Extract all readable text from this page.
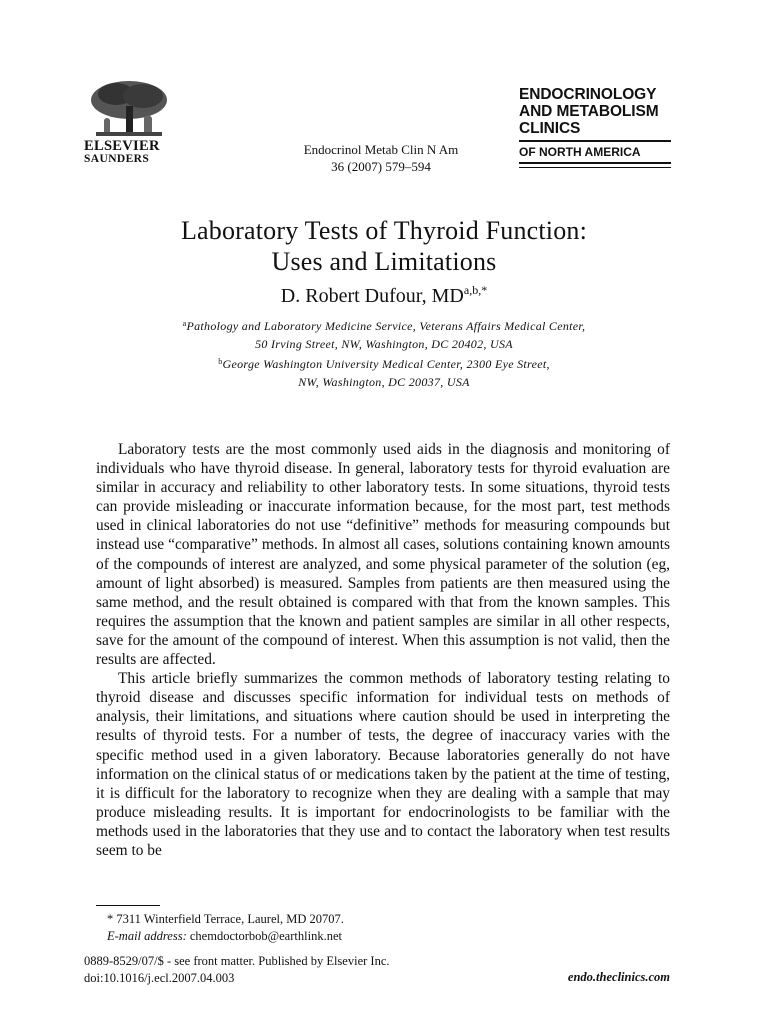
ELSEVIER
SAUNDERS
Endocrinol Metab Clin N Am
36 (2007) 579–594
ENDOCRINOLOGY
AND METABOLISM
CLINICS
OF NORTH AMERICA
Laboratory Tests of Thyroid Function:
Uses and Limitations
D. Robert Dufour, $MD^{a,b,*}$
$^a$Pathology and Laboratory Medicine Service, Veterans Affairs Medical Center,
50 Irving Street, NW, Washington, DC 20402, USA
$^b$George Washington University Medical Center, 2300 Eye Street,
NW, Washington, DC 20037, USA

Laboratory tests are the most commonly used aids in the diagnosis and monitoring of individuals who have thyroid disease. In general, laboratory tests for thyroid evaluation are similar in accuracy and reliability to other laboratory tests. In some situations, thyroid tests can provide misleading or inaccurate information because, for the most part, test methods used in clinical laboratories do not use “definitive” methods for measuring compounds but instead use “comparative” methods. In almost all cases, solutions containing known amounts of the compounds of interest are analyzed, and some physical parameter of the solution (eg, amount of light absorbed) is measured. Samples from patients are then measured using the same method, and the result obtained is compared with that from the known samples. This requires the assumption that the known and patient samples are similar in all other respects, save for the amount of the compound of interest. When this assumption is not valid, then the results are affected.

This article briefly summarizes the common methods of laboratory testing relating to thyroid disease and discusses specific information for individual tests on methods of analysis, their limitations, and situations where caution should be used in interpreting the results of thyroid tests. For a number of tests, the degree of inaccuracy varies with the specific method used in a given laboratory. Because laboratories generally do not have information on the clinical status of or medications taken by the patient at the time of testing, it is difficult for the laboratory to recognize when they are dealing with a sample that may produce misleading results. It is important for endocrinologists to be familiar with the methods used in the laboratories that they use and to contact the laboratory when test results seem to be

* 7311 Winterfield Terrace, Laurel, MD 20707.
E-mail address: chemdoctorbob@earthlink.net
0889-8529/07/$ - see front matter. Published by Elsevier Inc.
doi:10.1016/j.ecl.2007.04.003	endo.theclinics.com
